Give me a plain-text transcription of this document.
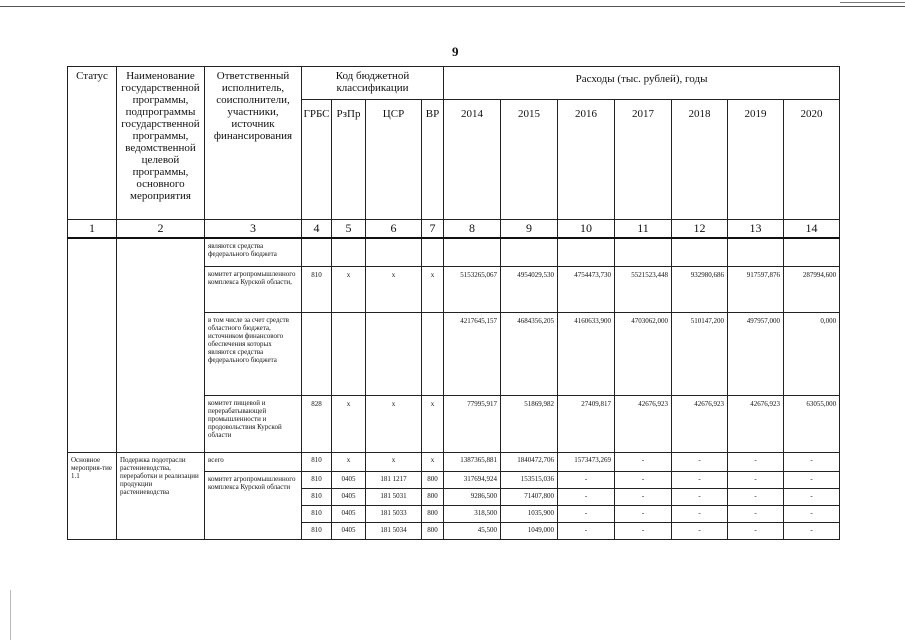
9
Статус	Наименование государственной программы, подпрограммы государственной программы, ведомственной целевой программы, основного мероприятия	Ответственный исполнитель, соисполнители, участники, источник финансирования	Код бюджетной классификации				Расходы (тыс. рублей), годы						
			ГРБС	РзПр	ЦСР	ВР	2014	2015	2016	2017	2018	2019	2020
1	2	3	4	5	6	7	8	9	10	11	12	13	14
		являются средства федерального бюджета											
		комитет агропромышленного комплекса Курской области,	810	х	х	х	5153265,067	4954029,530	4754473,730	5521523,448	932980,686	917597,876	287994,600
		в том числе за счет средств областного бюджета, источником финансового обеспечения которых являются средства федерального бюджета					4217645,157	4684356,205	4160633,900	4703062,000	510147,200	497957,000	0,000
		комитет пищевой и перерабатывающей промышленности и продовольствия Курской области	828	х	х	х	77995,917	51869,982	27409,817	42676,923	42676,923	42676,923	63055,000
Основное мероприя-тие 1.1	Подержка подотрасли растениеводства, переработки и реализации продукции растениеводства	всего	810	х	х	х	1387365,881	1840472,706	1573473,269	-	-	-	-
		комитет агропромышленного комплекса Курской области	810	0405	181 1217	800	317694,924	153515,036	-	-	-	-	-
			810	0405	181 5031	800	9286,500	71407,800	-	-	-	-	-
			810	0405	181 5033	800	318,500	1035,900	-	-	-	-	-
			810	0405	181 5034	800	45,500	1049,000	-	-	-	-	-
